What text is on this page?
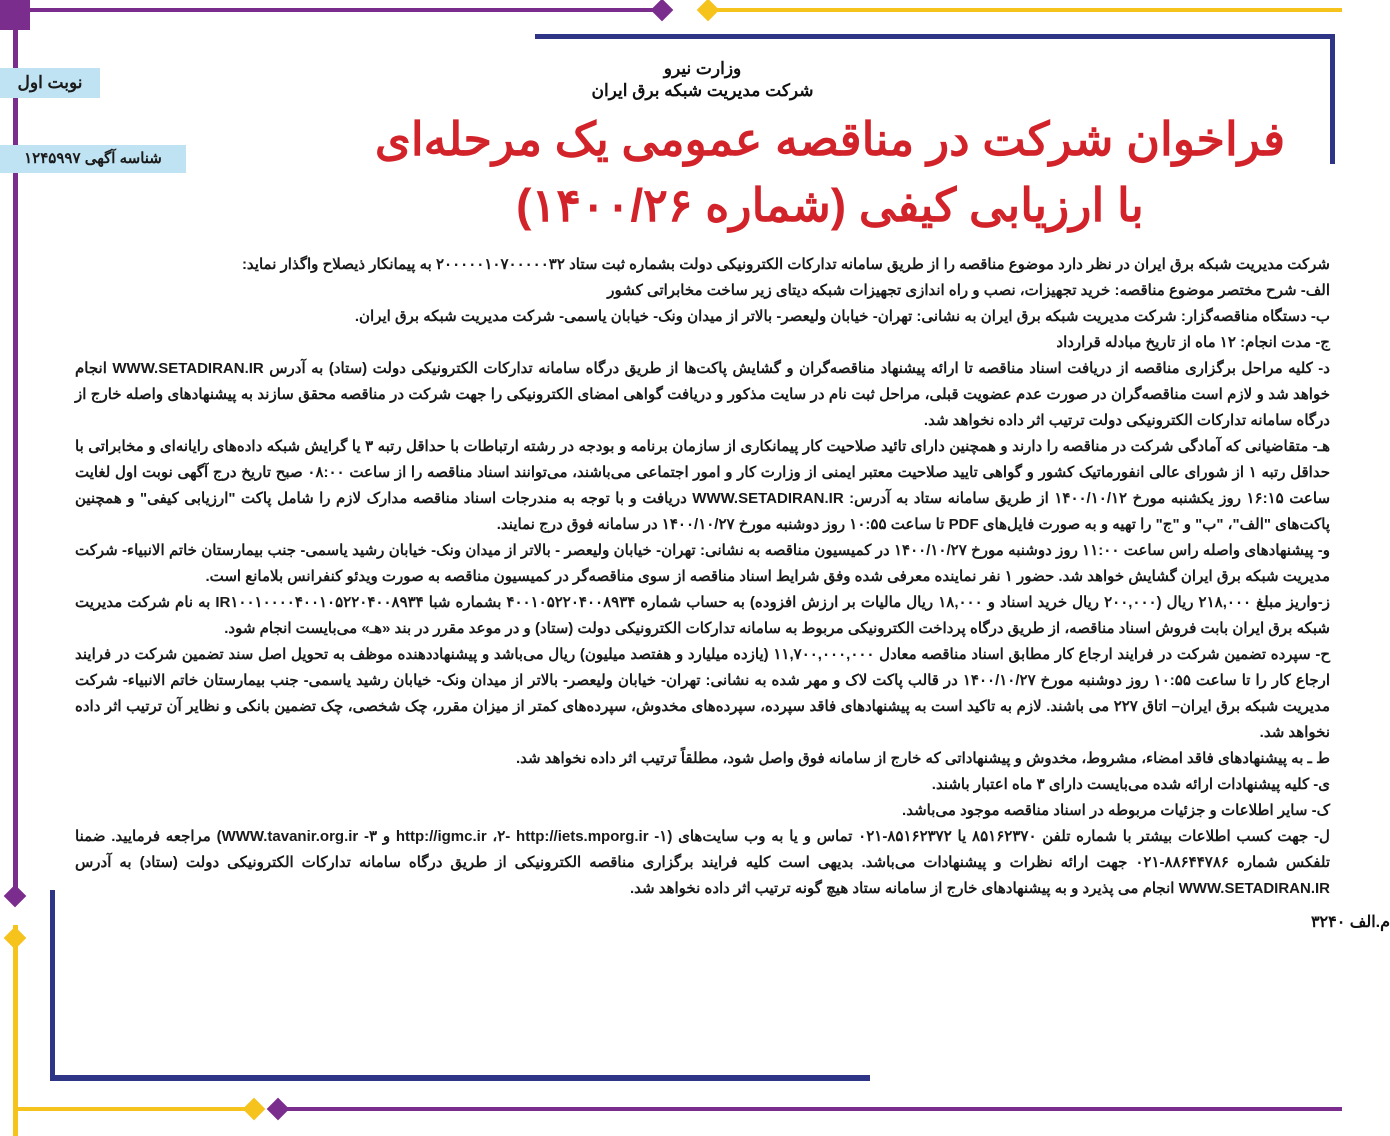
نوبت اول
شناسه آگهی ۱۲۴۵۹۹۷
وزارت نیرو
شرکت مدیریت شبکه برق ایران
فراخوان شرکت در مناقصه عمومی یک مرحله‌ای
با ارزیابی کیفی (شماره ۱۴۰۰/۲۶)

شرکت مدیریت شبکه برق ایران در نظر دارد موضوع مناقصه را از طریق سامانه تدارکات الکترونیکی دولت بشماره ثبت ستاد ۲۰۰۰۰۰۱۰۷۰۰۰۰۰۳۲ به پیمانکار ذیصلاح واگذار نماید:

الف- شرح مختصر موضوع مناقصه: خرید تجهیزات، نصب و راه اندازی تجهیزات شبکه دیتای زیر ساخت مخابراتی کشور

ب- دستگاه مناقصه‌گزار: شرکت مدیریت شبکه برق ایران به نشانی: تهران- خیابان ولیعصر- بالاتر از میدان ونک- خیابان یاسمی- شرکت مدیریت شبکه برق ایران.

ج- مدت انجام: ۱۲ ماه از تاریخ مبادله قرارداد

د- کلیه مراحل برگزاری مناقصه از دریافت اسناد مناقصه تا ارائه پیشنهاد مناقصه‌گران و گشایش پاکت‌ها از طریق درگاه سامانه تدارکات الکترونیکی دولت (ستاد) به آدرس WWW.SETADIRAN.IR انجام خواهد شد و لازم است مناقصه‌گران در صورت عدم عضویت قبلی، مراحل ثبت نام در سایت مذکور و دریافت گواهی امضای الکترونیکی را جهت شرکت در مناقصه محقق سازند به پیشنهادهای واصله خارج از درگاه سامانه تدارکات الکترونیکی دولت ترتیب اثر داده نخواهد شد.

هـ- متقاضیانی که آمادگی شرکت در مناقصه را دارند و همچنین دارای تائید صلاحیت کار پیمانکاری از سازمان برنامه و بودجه در رشته ارتباطات با حداقل رتبه ۳ یا گرایش شبکه داده‌های رایانه‌ای و مخابراتی با حداقل رتبه ۱ از شورای عالی انفورماتیک کشور و گواهی تایید صلاحیت معتبر ایمنی از وزارت کار و امور اجتماعی می‌باشند، می‌توانند اسناد مناقصه را از ساعت ۰۸:۰۰ صبح تاریخ درج آگهی نوبت اول لغایت ساعت ۱۶:۱۵ روز یکشنبه مورخ ۱۴۰۰/۱۰/۱۲ از طریق سامانه ستاد به آدرس: WWW.SETADIRAN.IR دریافت و با توجه به مندرجات اسناد مناقصه مدارک لازم را شامل پاکت "ارزیابی کیفی" و همچنین پاکت‌های "الف"، "ب" و "ج" را تهیه و به صورت فایل‌های PDF تا ساعت ۱۰:۵۵ روز دوشنبه مورخ ۱۴۰۰/۱۰/۲۷ در سامانه فوق درج نمایند.

و- پیشنهادهای واصله راس ساعت ۱۱:۰۰ روز دوشنبه مورخ ۱۴۰۰/۱۰/۲۷ در کمیسیون مناقصه به نشانی: تهران- خیابان ولیعصر - بالاتر از میدان ونک- خیابان رشید یاسمی- جنب بیمارستان خاتم الانبیاء- شرکت مدیریت شبکه برق ایران گشایش خواهد شد. حضور ۱ نفر نماینده معرفی شده وفق شرایط اسناد مناقصه از سوی مناقصه‌گر در کمیسیون مناقصه به صورت ویدئو کنفرانس بلامانع است.

ز-واریز مبلغ ۲۱۸,۰۰۰ ریال (۲۰۰,۰۰۰ ریال خرید اسناد و ۱۸,۰۰۰ ریال مالیات بر ارزش افزوده) به حساب شماره ۴۰۰۱۰۵۲۲۰۴۰۰۸۹۳۴ بشماره شبا IR۱۰۰۱۰۰۰۰۴۰۰۱۰۵۲۲۰۴۰۰۸۹۳۴ به نام شرکت مدیریت شبکه برق ایران بابت فروش اسناد مناقصه، از طریق درگاه پرداخت الکترونیکی مربوط به سامانه تدارکات الکترونیکی دولت (ستاد) و در موعد مقرر در بند «هـ» می‌بایست انجام شود.

ح- سپرده تضمین شرکت در فرایند ارجاع کار مطابق اسناد مناقصه معادل ۱۱,۷۰۰,۰۰۰,۰۰۰ (یازده میلیارد و هفتصد میلیون) ریال می‌باشد و پیشنهاددهنده موظف به تحویل اصل سند تضمین شرکت در فرایند ارجاع کار را تا ساعت ۱۰:۵۵ روز دوشنبه مورخ ۱۴۰۰/۱۰/۲۷ در قالب پاکت لاک و مهر شده به نشانی: تهران- خیابان ولیعصر- بالاتر از میدان ونک- خیابان رشید یاسمی- جنب بیمارستان خاتم الانبیاء- شرکت مدیریت شبکه برق ایران– اتاق ۲۲۷ می باشند. لازم به تاکید است به پیشنهادهای فاقد سپرده، سپرده‌های مخدوش، سپرده‌های کمتر از میزان مقرر، چک شخصی، چک تضمین بانکی و نظایر آن ترتیب اثر داده نخواهد شد.

ط ـ به پیشنهادهای فاقد امضاء، مشروط، مخدوش و پیشنهاداتی که خارج از سامانه فوق واصل شود، مطلقاً ترتیب اثر داده نخواهد شد.

ی- کلیه پیشنهادات ارائه شده می‌بایست دارای ۳ ماه اعتبار باشند.

ک- سایر اطلاعات و جزئیات مربوطه در اسناد مناقصه موجود می‌باشد.

ل- جهت کسب اطلاعات بیشتر با شماره تلفن ۸۵۱۶۲۳۷۰ یا ۸۵۱۶۲۳۷۲-۰۲۱ تماس و یا به وب سایت‌های (۱- http://igmc.ir ،۲- http://iets.mporg.ir و ۳- WWW.tavanir.org.ir) مراجعه فرمایید. ضمنا تلفکس شماره ۸۸۶۴۴۷۸۶-۰۲۱ جهت ارائه نظرات و پیشنهادات می‌باشد. بدیهی است کلیه فرایند برگزاری مناقصه الکترونیکی از طریق درگاه سامانه تدارکات الکترونیکی دولت (ستاد) به آدرس WWW.SETADIRAN.IR انجام می پذیرد و به پیشنهادهای خارج از سامانه ستاد هیچ گونه ترتیب اثر داده نخواهد شد.

م.الف ۳۲۴۰
